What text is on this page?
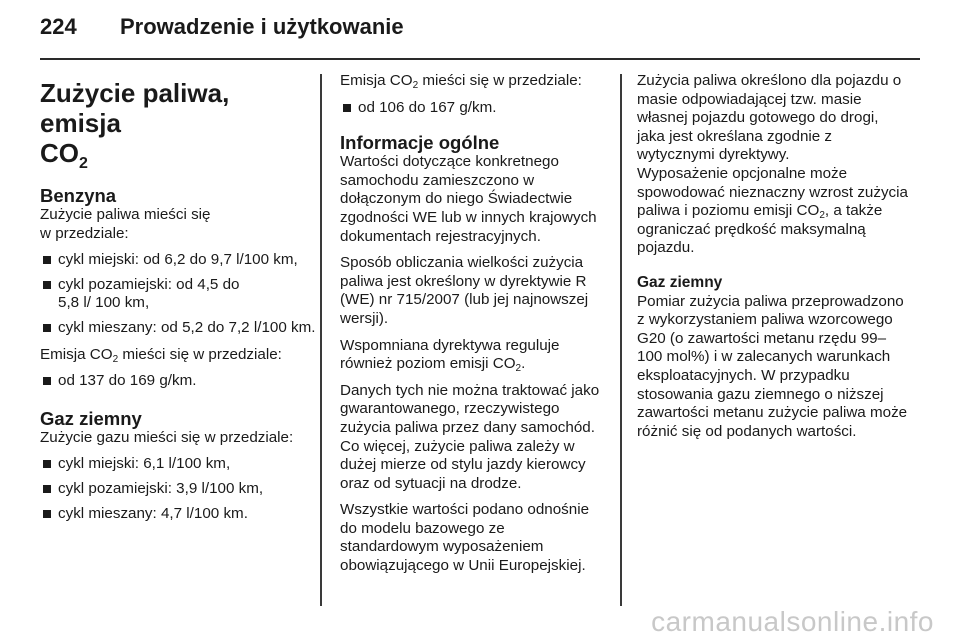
224 Prowadzenie i użytkowanie
Zużycie paliwa, emisja
$CO_2$
Benzyna

Zużycie paliwa mieści się w przedziale:

cykl miejski: od 6,2 do 9,7 l/100 km,
cykl pozamiejski: od 4,5 do 5,8 l/ 100 km,
cykl mieszany: od 5,2 do 7,2 l/100 km.

Emisja $CO_2$ mieści się w przedziale:

od 137 do 169 g/km.
Gaz ziemny

Zużycie gazu mieści się w przedziale:

cykl miejski: 6,1 l/100 km,
cykl pozamiejski: 3,9 l/100 km,
cykl mieszany: 4,7 l/100 km.

Emisja $CO_2$ mieści się w przedziale:

od 106 do 167 g/km.
Informacje ogólne

Wartości dotyczące konkretnego samochodu zamieszczono w dołączonym do niego Świadectwie zgodności WE lub w innych krajowych dokumentach rejestracyjnych.

Sposób obliczania wielkości zużycia paliwa jest określony w dyrektywie R (WE) nr 715/2007 (lub jej najnowszej wersji).

Wspomniana dyrektywa reguluje również poziom emisji $CO_2$.

Danych tych nie można traktować jako gwarantowanego, rzeczywistego zużycia paliwa przez dany samochód. Co więcej, zużycie paliwa zależy w dużej mierze od stylu jazdy kierowcy oraz od sytuacji na drodze.

Wszystkie wartości podano odnośnie do modelu bazowego ze standardowym wyposażeniem obowiązującego w Unii Europejskiej.

Zużycia paliwa określono dla pojazdu o masie odpowiadającej tzw. masie własnej pojazdu gotowego do drogi, jaka jest określana zgodnie z wytycznymi dyrektywy.

Wyposażenie opcjonalne może spowodować nieznaczny wzrost zużycia paliwa i poziomu emisji $CO_2$, a także ograniczać prędkość maksymalną pojazdu.

Gaz ziemny

Pomiar zużycia paliwa przeprowadzono z wykorzystaniem paliwa wzorcowego G20 (o zawartości metanu rzędu 99–100 mol%) i w zalecanych warunkach eksploatacyjnych. W przypadku stosowania gazu ziemnego o niższej zawartości metanu zużycie paliwa może różnić się od podanych wartości.

carmanualsonline.info
